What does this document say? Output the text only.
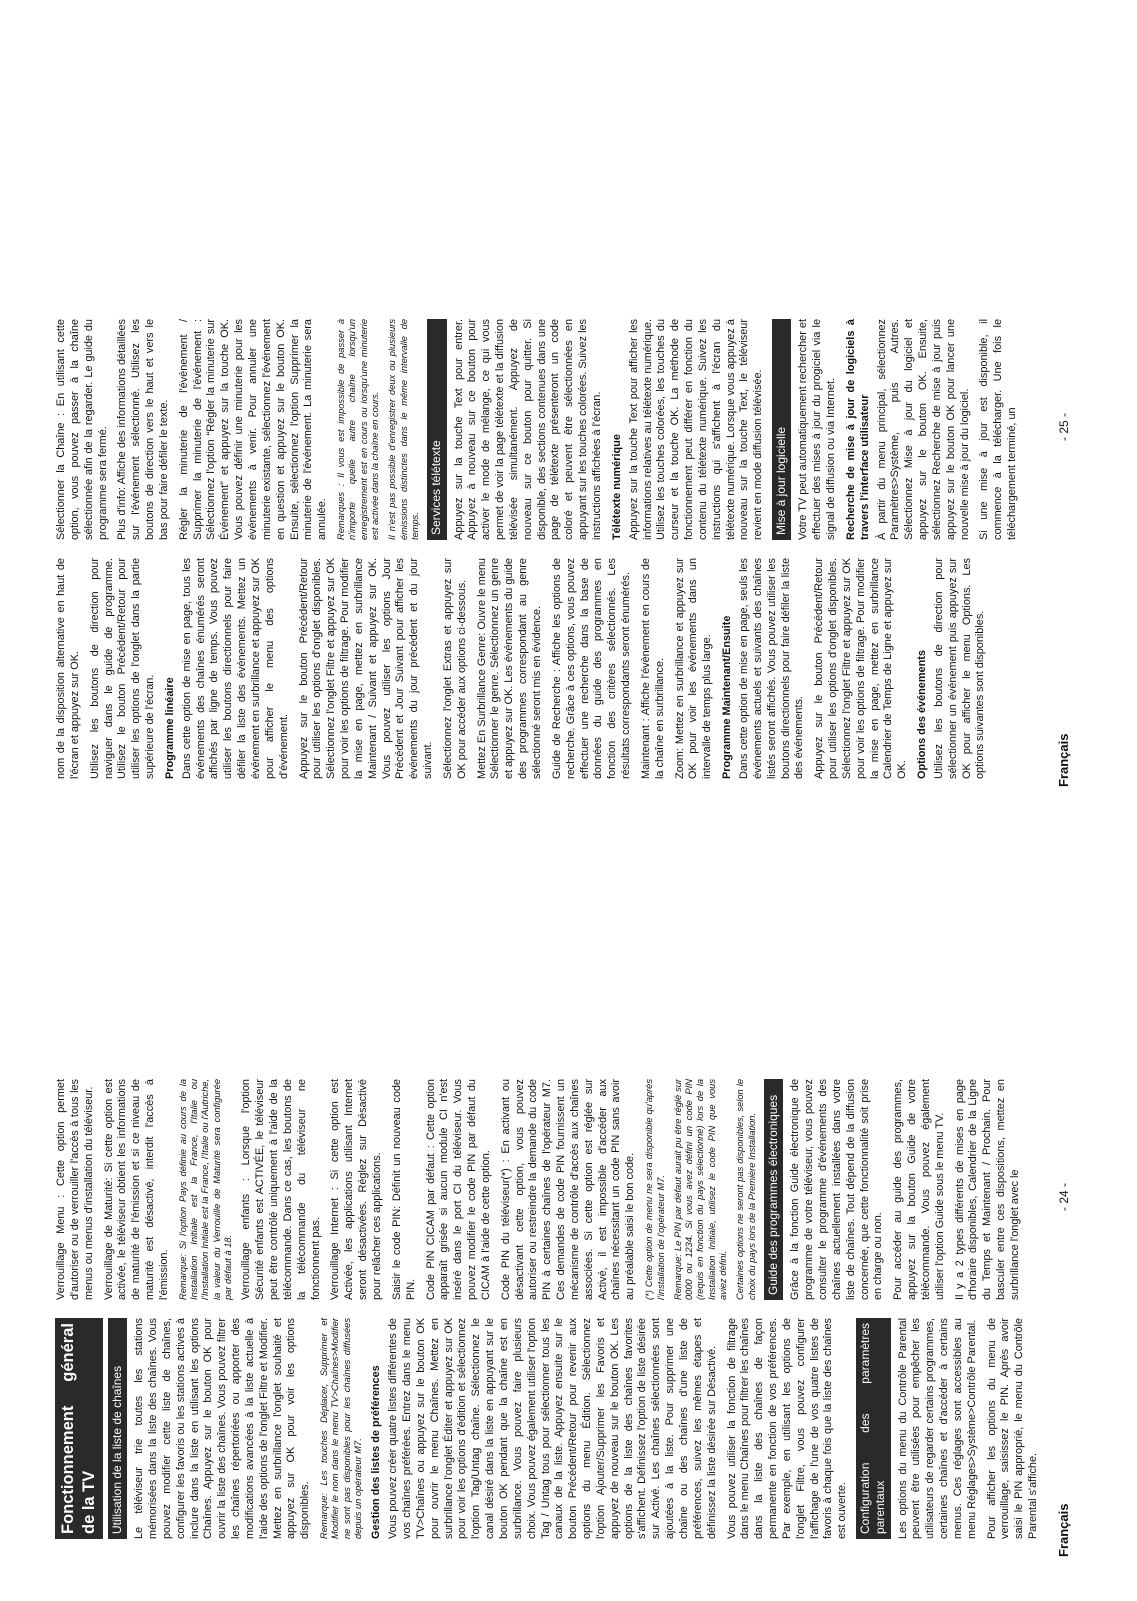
Fonctionnement général de la TV Utilisation de la liste de chaînes Le téléviseur trie toutes les stations mémorisées dans la liste des chaînes. Vous pouvez modifier cette liste de chaînes, configurer les favoris ou les stations actives à inclure dans la liste en utilisant les options Chaînes. Appuyez sur le bouton OK pour ouvrir la liste des chaînes. Vous pouvez filtrer les chaînes répertoriées ou apporter des modifications avancées à la liste actuelle à l'aide des options de l'onglet Filtre et Modifier. Mettez en surbrillance l'onglet souhaité et appuyez sur OK pour voir les options disponibles. Remarque: Les touches Déplacer, Supprimer et Modifier le nom dans le menu TV>Chaînes>Modifier ne sont pas disponibles pour les chaînes diffusées depuis un opérateur M7. Gestion des listes de préférences Vous pouvez créer quatre listes différentes de vos chaînes préférées. Entrez dans le menu TV>Chaînes ou appuyez sur le bouton OK pour ouvrir le menu Chaînes. Mettez en surbrillance l'onglet Éditer et appuyez sur OK pour voir les options d'édition et sélectionnez l'option Tag/Untag chaîne. Sélectionnez le canal désiré dans la liste en appuyant sur le bouton OK pendant que la chaîne est en surbrillance. Vous pouvez faire plusieurs choix. Vous pouvez également utiliser l'option Tag / Untag tous pour sélectionner tous les canaux de la liste. Appuyez ensuite sur le bouton Précédent/Retour pour revenir aux options du menu Édition. Sélectionnez l'option Ajouter/Supprimer les Favoris et appuyez de nouveau sur le bouton OK. Les options de la liste des chaînes favorites s'affichent. Définissez l'option de liste désirée sur Activé. Les chaînes sélectionnées sont ajoutées à la liste. Pour supprimer une chaîne ou des chaînes d'une liste de préférences, suivez les mêmes étapes et définissez la liste désirée sur Désactivé. Vous pouvez utiliser la fonction de filtrage dans le menu Chaînes pour filtrer les chaînes dans la liste des chaînes de façon permanente en fonction de vos préférences. Par exemple, en utilisant les options de l'onglet Filtre, vous pouvez configurer l'affichage de l'une de vos quatre listes de favoris à chaque fois que la liste des chaînes est ouverte. Configuration des paramètres parentaux Les options du menu du Contrôle Parental peuvent être utilisées pour empêcher les utilisateurs de regarder certains programmes, certaines chaînes et d'accéder à certains menus. Ces réglages sont accessibles au menu Réglages>Système>Contrôle Parental. Pour afficher les options du menu de verrouillage, saisissez le PIN. Après avoir saisi le PIN approprié, le menu du Contrôle Parental s'affiche.

Verrouillage Menu : Cette option permet d'autoriser ou de verrouiller l'accès à tous les menus ou menus d'installation du téléviseur. Verrouillage de Maturité: Si cette option est activée, le téléviseur obtient les informations de maturité de l'émission et si ce niveau de maturité est désactivé, interdit l'accès à l'émission. Remarque: Si l'option Pays définie au cours de la Installation Initiale est la France, l'Italie ou l'Installation Initiale est la France, l'Italie ou l'Autriche, la valeur du Verrouille de Maturité sera configurée par défaut à 18. Verrouillage enfants : Lorsque l'option Sécurité enfants est ACTIVÉE, le téléviseur peut être contrôlé uniquement à l'aide de la télécommande. Dans ce cas, les boutons de la télécommande du téléviseur ne fonctionnent pas. Verrouillage Internet : Si cette option est Activée, les applications utilisant Internet seront désactivées. Réglez sur Désactivé pour relâcher ces applications. Saisir le code PIN: Définit un nouveau code PIN. Code PIN CICAM par défaut : Cette option apparaît grisée si aucun module CI n'est inséré dans le port CI du téléviseur. Vous pouvez modifier le code PIN par défaut du CICAM à l'aide de cette option. Code PIN du téléviseur(*) : En activant ou désactivant cette option, vous pouvez autoriser ou restreindre la demande du code PIN à certaines chaînes de l'opérateur M7. Ces demandes de code PIN fournissent un mécanisme de contrôle d'accès aux chaînes associées. Si cette option est réglée sur Activé, il est impossible d'accéder aux chaînes nécessitant un code PIN sans avoir au préalable saisi le bon code. (*) Cette option de menu ne sera disponible qu'après l'installation de l'opérateur M7. Remarque: Le PIN par défaut aurait pu être réglé sur 0000 ou 1234. Si vous avez défini un code PIN (requis en fonction du pays sélectionné) lors de la Installation Initiale, utilisez le code PIN que vous aviez défini. Certaines options ne seront pas disponibles, selon le choix du pays lors de la Première Installation. Guide des programmes électroniques Grâce à la fonction Guide électronique de programme de votre téléviseur, vous pouvez consulter le programme d'événements des chaînes actuellement installées dans votre liste de chaînes. Tout dépend de la diffusion concernée, que cette fonctionnalité soit prise en charge ou non. Pour accéder au guide des programmes, appuyez sur la bouton Guide de votre télécommande. Vous pouvez également utiliser l'option Guide sous le menu TV. Il y a 2 types différents de mises en page d'horaire disponibles, Calendrier de la Ligne du Temps et Maintenant / Prochain. Pour basculer entre ces dispositions, mettez en surbrillance l'onglet avec le

Français
- 24 -

nom de la disposition alternative en haut de l'écran et appuyez sur OK. Utilisez les boutons de direction pour naviguer dans le guide de programme. Utilisez le bouton Précédent/Retour pour utiliser les options de l'onglet dans la partie supérieure de l'écran. Programme linéaire Dans cette option de mise en page, tous les événements des chaînes énumérés seront affichés par ligne de temps. Vous pouvez utiliser les boutons directionnels pour faire défiler la liste des événements. Mettez un événement en surbrillance et appuyez sur OK pour afficher le menu des options d'événement. Appuyez sur le bouton Précédent/Retour pour utiliser les options d'onglet disponibles. Sélectionnez l'onglet Filtre et appuyez sur OK pour voir les options de filtrage. Pour modifier la mise en page, mettez en surbrillance Maintenant / Suivant et appuyez sur OK. Vous pouvez utiliser les options Jour Précédent et Jour Suivant pour afficher les événements du jour précédent et du jour suivant. Sélectionnez l'onglet Extras et appuyez sur OK pour accéder aux options ci-dessous. Mettez En Surbrillance Genre: Ouvre le menu Sélectionner le genre. Sélectionnez un genre et appuyez sur OK. Les événements du guide des programmes correspondant au genre sélectionné seront mis en évidence. Guide de Recherche : Affiche les options de recherche. Grâce à ces options, vous pouvez effectuer une recherche dans la base de données du guide des programmes en fonction des critères sélectionnés. Les résultats correspondants seront énumérés. Maintenant : Affiche l'évènement en cours de la chaîne en surbrillance. Zoom: Mettez en surbrillance et appuyez sur OK pour voir les événements dans un intervalle de temps plus large. Programme Maintenant/Ensuite Dans cette option de mise en page, seuls les événements actuels et suivants des chaînes listés seront affichés. Vous pouvez utiliser les boutons directionnels pour faire défiler la liste des événements. Appuyez sur le bouton Précédent/Retour pour utiliser les options d'onglet disponibles. Sélectionnez l'onglet Filtre et appuyez sur OK pour voir les options de filtrage. Pour modifier la mise en page, mettez en surbrillance Calendrier de Temps de Ligne et appuyez sur OK. Options des événements Utilisez les boutons de direction pour sélectionner un événement puis appuyez sur OK pour afficher le menu Options. Les options suivantes sont disponibles.

Sélectionner la Chaîne : En utilisant cette option, vous pouvez passer à la chaîne sélectionnée afin de la regarder. Le guide du programme sera fermé. Plus d'info: Affiche des informations détaillées sur l'événement sélectionné. Utilisez les boutons de direction vers le haut et vers le bas pour faire défiler le texte. Régler la minuterie de l'événement / Supprimer la minuterie de l'événement : Sélectionnez l'option “Régler la minuterie sur Événement” et appuyez sur la touche OK. Vous pouvez définir une minuterie pour les événements à venir. Pour annuler une minuterie existante, sélectionnez l'événement en question et appuyez sur le bouton OK. Ensuite, sélectionnez l'option Supprimer la minuterie de l'événement. La minuterie sera annulée. Remarques : Il vous est impossible de passer à n'importe quelle autre chaîne lorsqu'un enregistrement est en cours ou lorsqu'une minuterie est activée dans la chaîne en cours. Il n'est pas possible d'enregistrer deux ou plusieurs émissions distinctes dans le même intervalle de temps. Services télétexte Appuyez sur la touche Text pour entrer. Appuyez à nouveau sur ce bouton pour activer le mode de mélange, ce qui vous permet de voir la page télétexte et la diffusion télévisée simultanément. Appuyez de nouveau sur ce bouton pour quitter. Si disponible, des sections contenues dans une page de télétexte présenteront un code coloré et peuvent être sélectionnées en appuyant sur les touches colorées. Suivez les instructions affichées à l'écran. Télétexte numérique Appuyez sur la touche Text pour afficher les informations relatives au télétexte numérique. Utilisez les touches colorées, les touches du curseur et la touche OK. La méthode de fonctionnement peut différer en fonction du contenu du télétexte numérique. Suivez les instructions qui s'affichent à l'écran du télétexte numérique. Lorsque vous appuyez à nouveau sur la touche Text, le téléviseur revient en mode diffusion télévisée. Mise à jour logicielle Votre TV peut automatiquement rechercher et effectuer des mises à jour du progiciel via le signal de diffusion ou via Internet. Recherche de mise à jour de logiciels à travers l'interface utilisateur À partir du menu principal, sélectionnez Paramètres>Système, puis Autres. Sélectionnez Mise à jour du logiciel et appuyez sur le bouton OK. Ensuite, sélectionnez Recherche de mise à jour puis appuyez sur le bouton OK pour lancer une nouvelle mise à jour du logiciel. Si une mise à jour est disponible, il commence à la télécharger. Une fois le téléchargement terminé, un

Français
- 25 -
